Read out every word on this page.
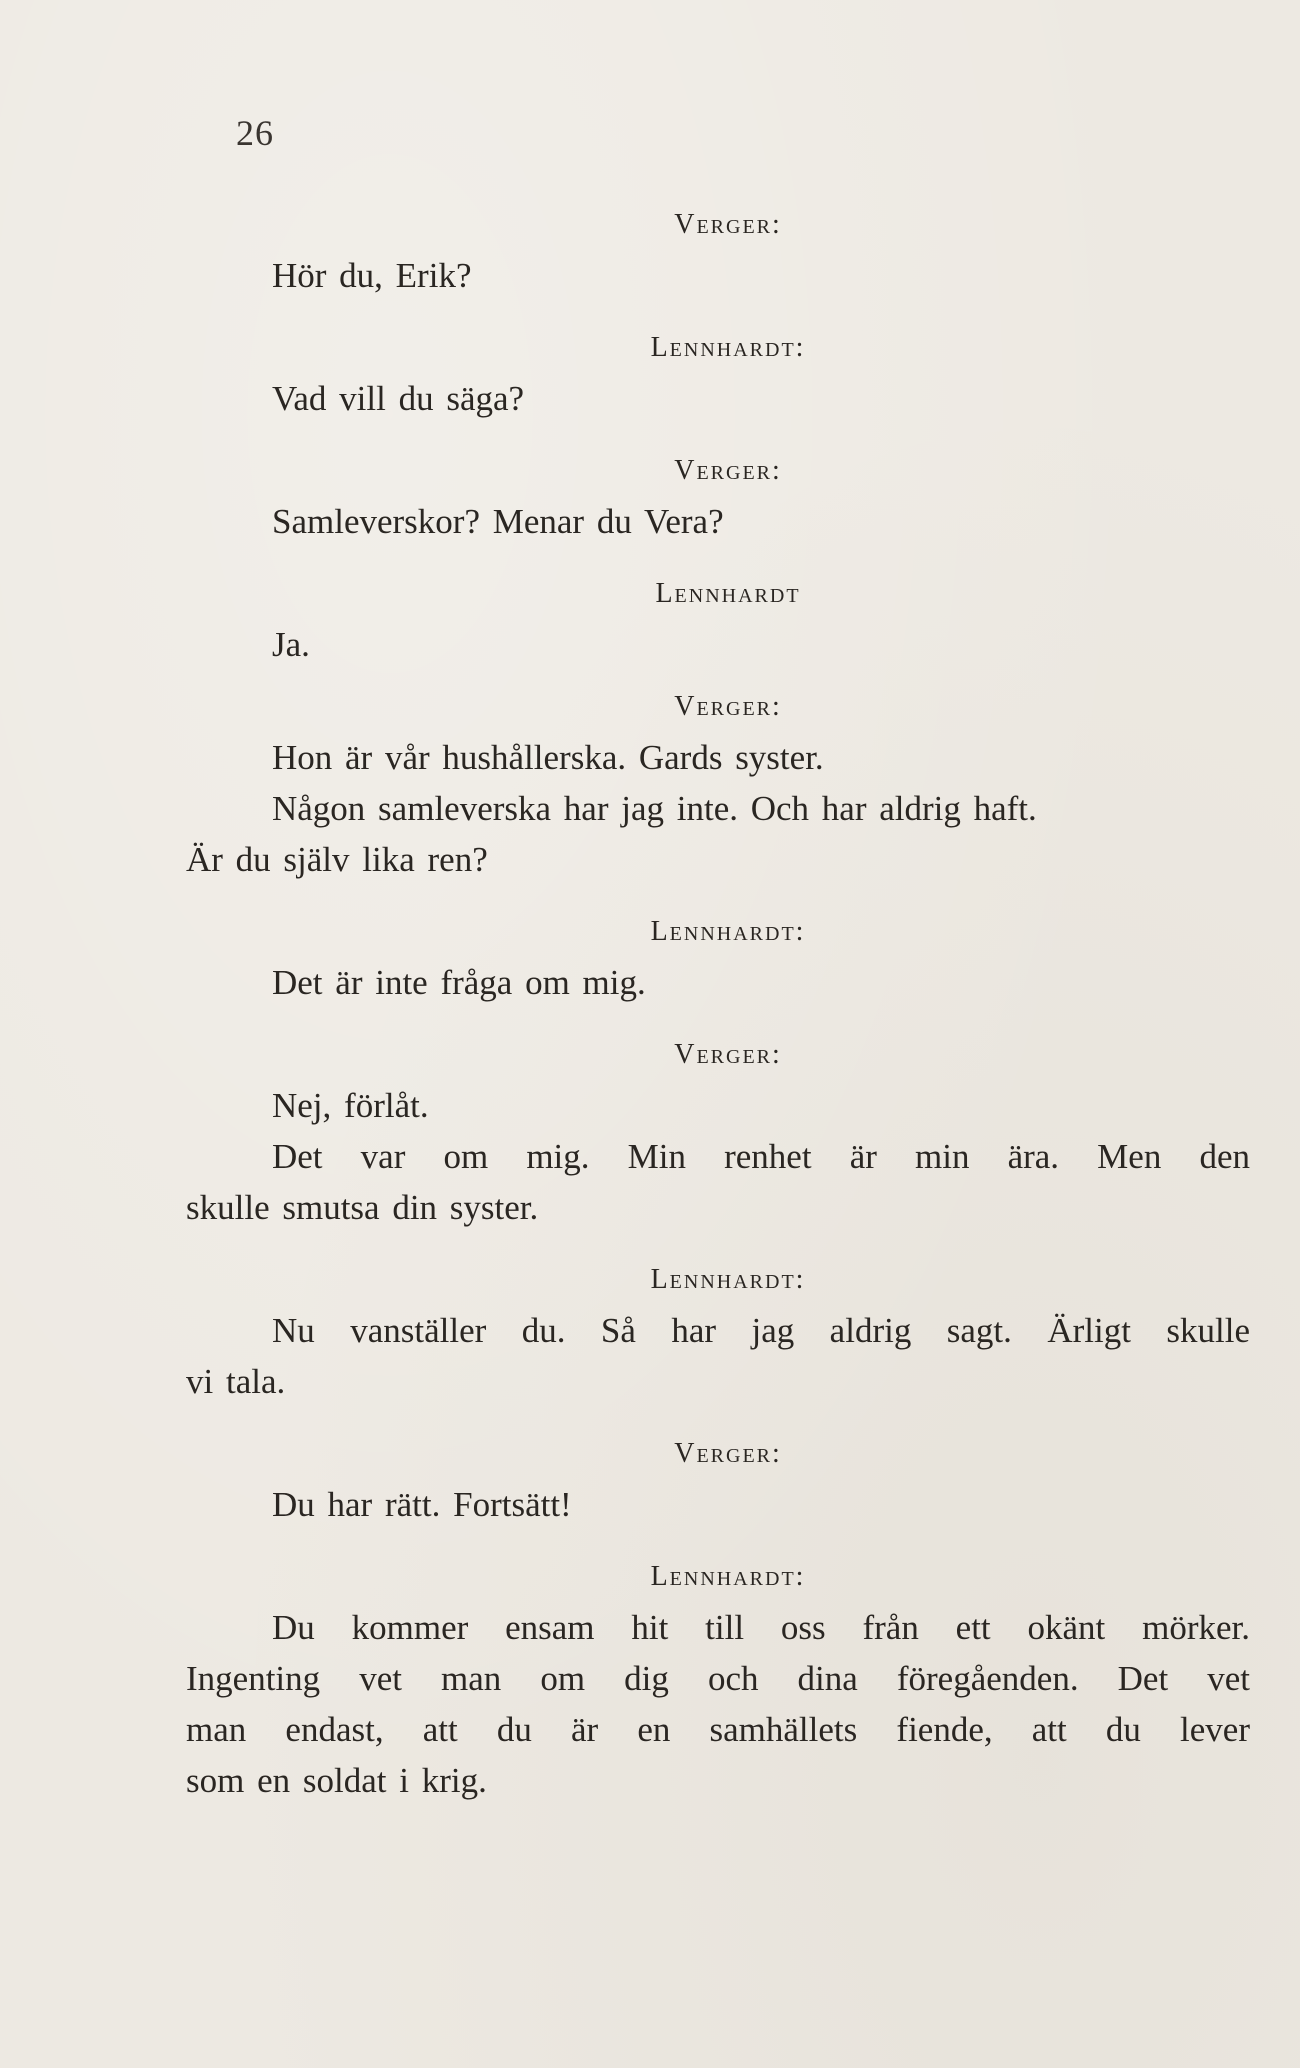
26
Verger:

Hör du, Erik?

Lennhardt:

Vad vill du säga?

Verger:

Samleverskor? Menar du Vera?

Lennhardt

Ja.

Verger:

Hon är vår hushållerska. Gards syster.

Någon samleverska har jag inte. Och har aldrig haft.

Är du själv lika ren?

Lennhardt:

Det är inte fråga om mig.

Verger:

Nej, förlåt.

Det var om mig. Min renhet är min ära. Men den

skulle smutsa din syster.

Lennhardt:

Nu vanställer du. Så har jag aldrig sagt. Ärligt skulle

vi tala.

Verger:

Du har rätt. Fortsätt!

Lennhardt:

Du kommer ensam hit till oss från ett okänt mörker.

Ingenting vet man om dig och dina föregåenden. Det vet

man endast, att du är en samhällets fiende, att du lever

som en soldat i krig.
